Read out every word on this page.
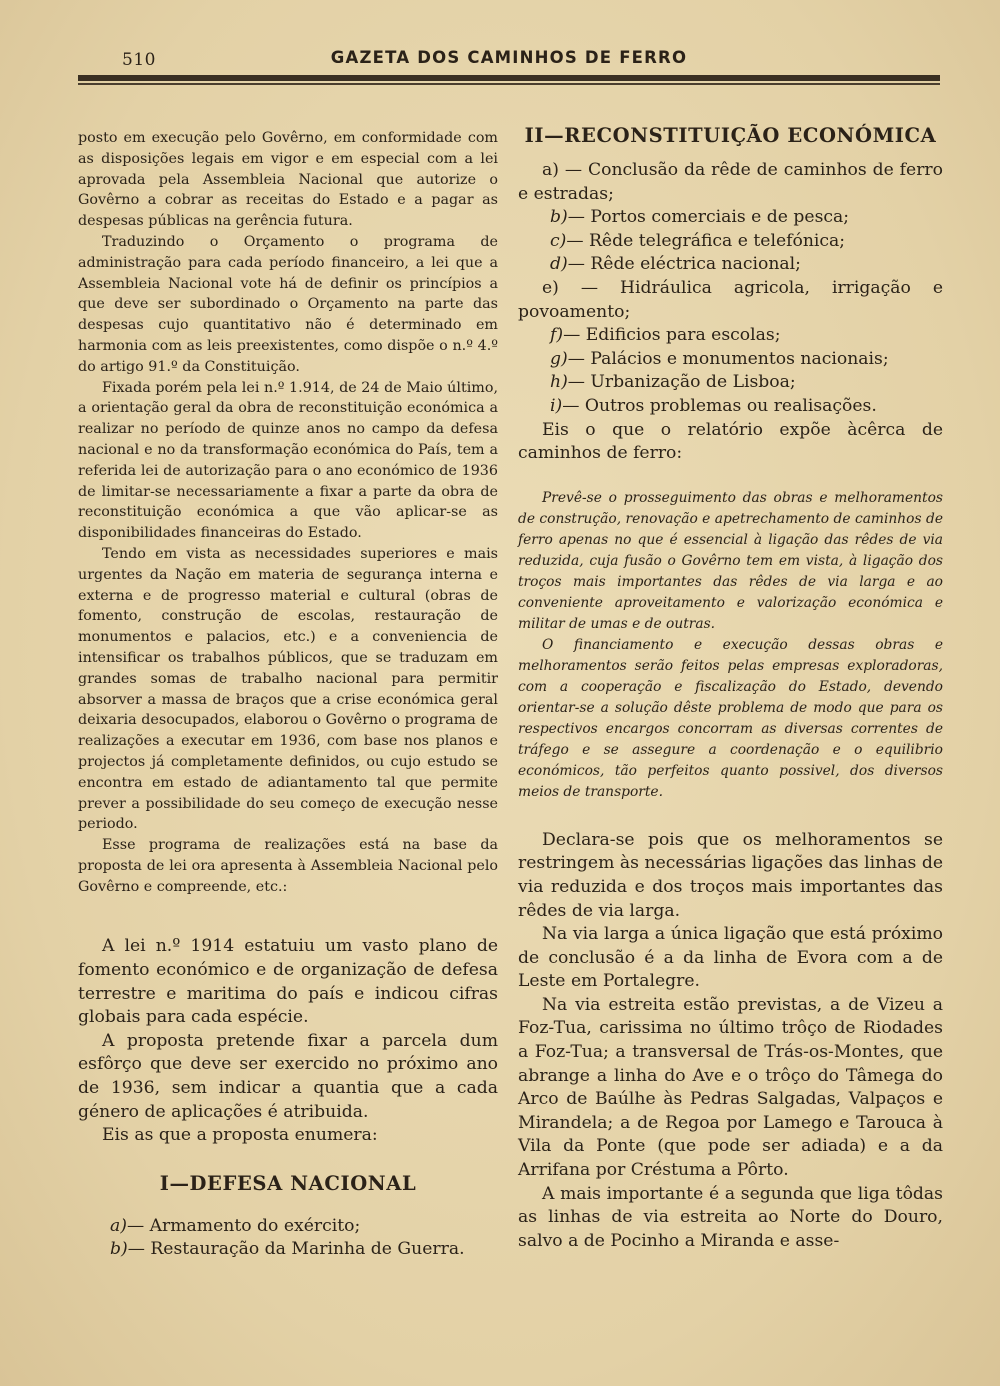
510	GAZETA DOS CAMINHOS DE FERRO

posto em execução pelo Govêrno, em conformidade com as disposições legais em vigor e em especial com a lei aprovada pela Assembleia Nacional que autorize o Govêrno a cobrar as receitas do Estado e a pagar as despesas públicas na gerência futura.

Traduzindo o Orçamento o programa de administração para cada período financeiro, a lei que a Assembleia Nacional vote há de definir os princípios a que deve ser subordinado o Orçamento na parte das despesas cujo quantitativo não é determinado em harmonia com as leis preexistentes, como dispõe o n.º 4.º do artigo 91.º da Constituição.

Fixada porém pela lei n.º 1.914, de 24 de Maio último, a orientação geral da obra de reconstituição económica a realizar no período de quinze anos no campo da defesa nacional e no da transformação económica do País, tem a referida lei de autorização para o ano económico de 1936 de limitar-se necessariamente a fixar a parte da obra de reconstituição económica a que vão aplicar-se as disponibilidades financeiras do Estado.

Tendo em vista as necessidades superiores e mais urgentes da Nação em materia de segurança interna e externa e de progresso material e cultural (obras de fomento, construção de escolas, restauração de monumentos e palacios, etc.) e a conveniencia de intensificar os trabalhos públicos, que se traduzam em grandes somas de trabalho nacional para permitir absorver a massa de braços que a crise económica geral deixaria desocupados, elaborou o Govêrno o programa de realizações a executar em 1936, com base nos planos e projectos já completamente definidos, ou cujo estudo se encontra em estado de adiantamento tal que permite prever a possibilidade do seu começo de execução nesse periodo.

Esse programa de realizações está na base da proposta de lei ora apresenta à Assembleia Nacional pelo Govêrno e compreende, etc.:

A lei n.º 1914 estatuiu um vasto plano de fomento económico e de organização de defesa terrestre e maritima do país e indicou cifras globais para cada espécie.

A proposta pretende fixar a parcela dum esfôrço que deve ser exercido no próximo ano de 1936, sem indicar a quantia que a cada género de aplicações é atribuida.

Eis as que a proposta enumera:

I—DEFESA NACIONAL
a)— Armamento do exército;
b)— Restauração da Marinha de Guerra.
II—RECONSTITUIÇÃO ECONÓMICA

a) — Conclusão da rêde de caminhos de ferro e estradas;

b)— Portos comerciais e de pesca;
c)— Rêde telegráfica e telefónica;
d)— Rêde eléctrica nacional;

e) — Hidráulica agricola, irrigação e povoamento;

f)— Edificios para escolas;
g)— Palácios e monumentos nacionais;
h)— Urbanização de Lisboa;
i)— Outros problemas ou realisações.

Eis o que o relatório expõe àcêrca de caminhos de ferro:

Prevê-se o prosseguimento das obras e melhoramentos de construção, renovação e apetrechamento de caminhos de ferro apenas no que é essencial à ligação das rêdes de via reduzida, cuja fusão o Govêrno tem em vista, à ligação dos troços mais importantes das rêdes de via larga e ao conveniente aproveitamento e valorização económica e militar de umas e de outras.

O financiamento e execução dessas obras e melhoramentos serão feitos pelas empresas exploradoras, com a cooperação e fiscalização do Estado, devendo orientar-se a solução dêste problema de modo que para os respectivos encargos concorram as diversas correntes de tráfego e se assegure a coordenação e o equilibrio económicos, tão perfeitos quanto possivel, dos diversos meios de transporte.

Declara-se pois que os melhoramentos se restringem às necessárias ligações das linhas de via reduzida e dos troços mais importantes das rêdes de via larga.

Na via larga a única ligação que está próximo de conclusão é a da linha de Evora com a de Leste em Portalegre.

Na via estreita estão previstas, a de Vizeu a Foz-Tua, carissima no último trôço de Riodades a Foz-Tua; a transversal de Trás-os-Montes, que abrange a linha do Ave e o trôço do Tâmega do Arco de Baúlhe às Pedras Salgadas, Valpaços e Mirandela; a de Regoa por Lamego e Tarouca à Vila da Ponte (que pode ser adiada) e a da Arrifana por Créstuma a Pôrto.

A mais importante é a segunda que liga tôdas as linhas de via estreita ao Norte do Douro, salvo a de Pocinho a Miranda e asse-
